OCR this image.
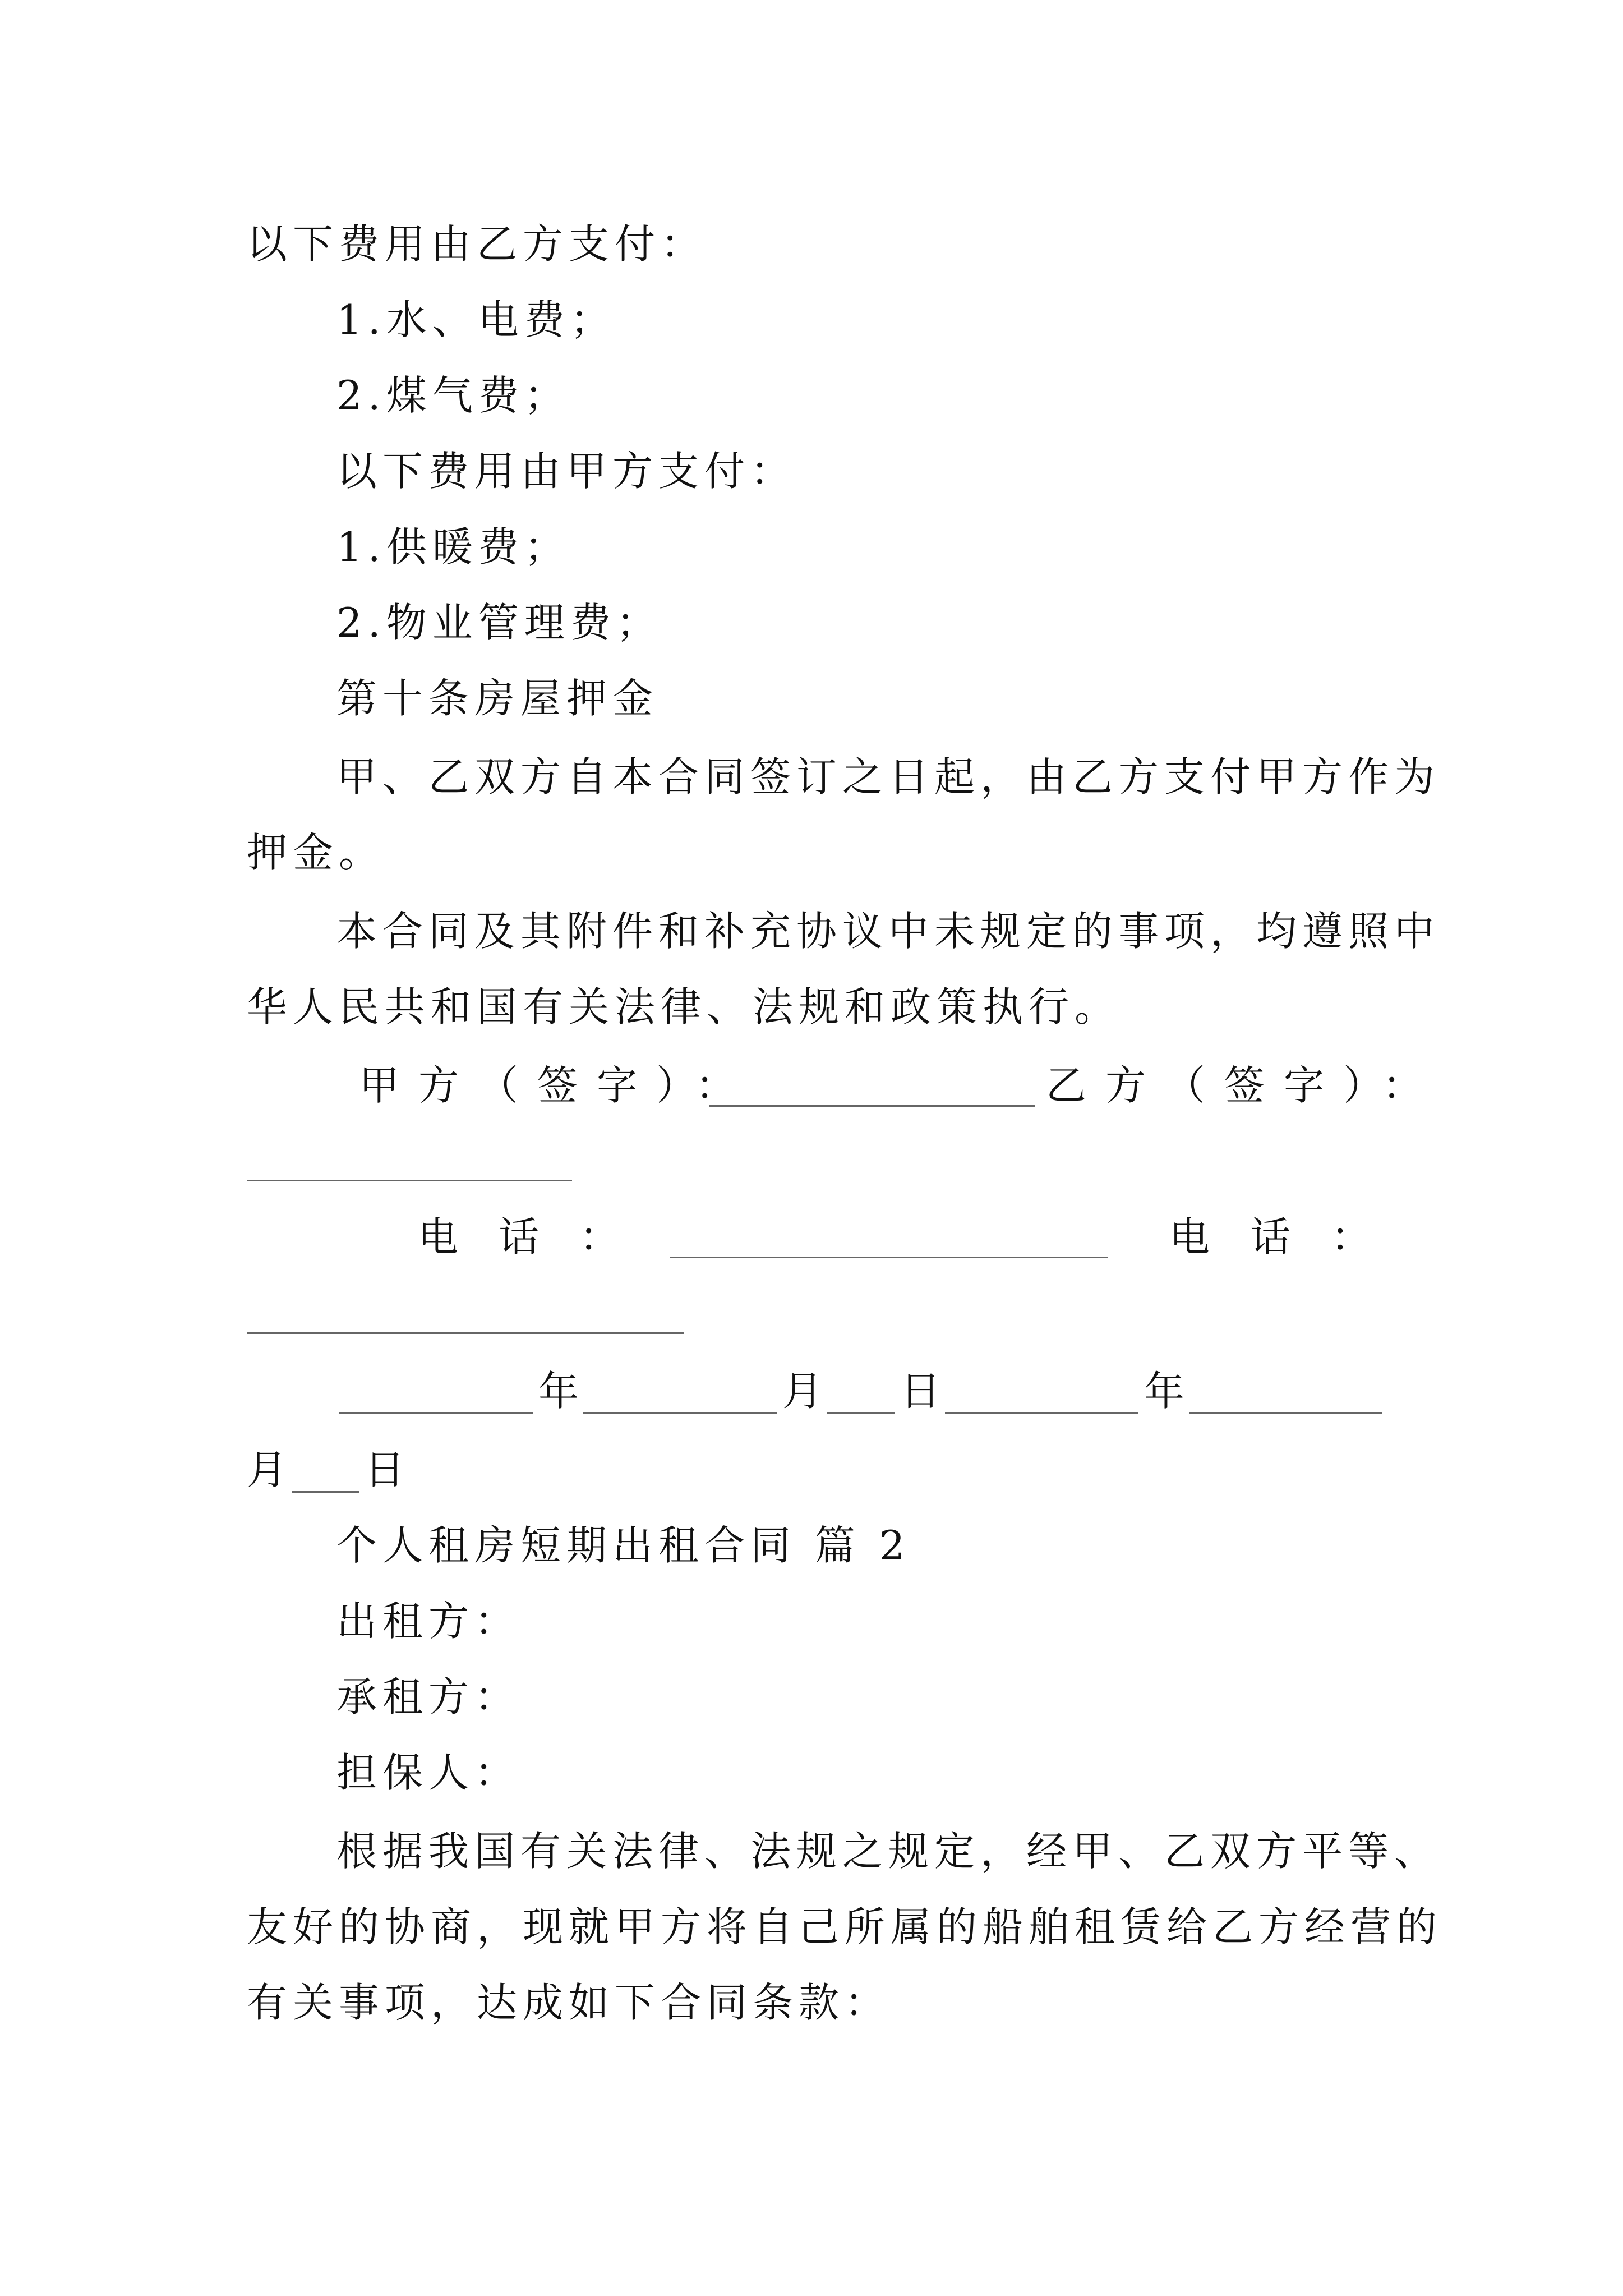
以下费用由乙方支付：

1.水、电费；

2.煤气费；

以下费用由甲方支付：

1.供暖费；

2.物业管理费；

第十条房屋押金

甲、乙双方自本合同签订之日起，由乙方支付甲方作为

押金。

本合同及其附件和补充协议中未规定的事项，均遵照中

华人民共和国有关法律、法规和政策执行。

甲方（签字）：	乙方（签字）：

电话：	电话：

年	月 日	年

月 日

个人租房短期出租合同 篇 2

出租方：

承租方：

担保人：

根据我国有关法律、法规之规定，经甲、乙双方平等、

友好的协商，现就甲方将自己所属的船舶租赁给乙方经营的

有关事项，达成如下合同条款：
